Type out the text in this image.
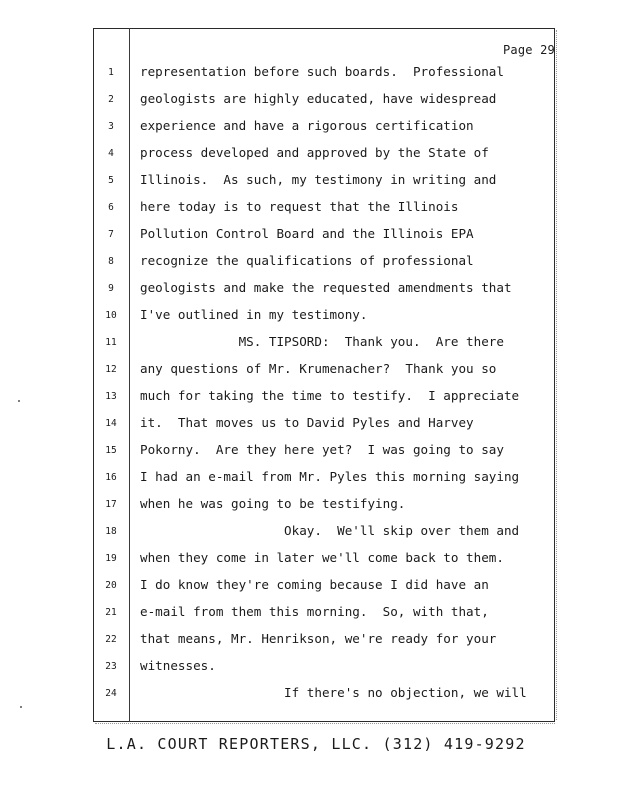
Page 29
1	representation before such boards.  Professional
2	geologists are highly educated, have widespread
3	experience and have a rigorous certification
4	process developed and approved by the State of
5	Illinois.  As such, my testimony in writing and
6	here today is to request that the Illinois
7	Pollution Control Board and the Illinois EPA
8	recognize the qualifications of professional
9	geologists and make the requested amendments that
10	I've outlined in my testimony.
11	MS. TIPSORD:  Thank you.  Are there
12	any questions of Mr. Krumenacher?  Thank you so
13	much for taking the time to testify.  I appreciate
14	it.  That moves us to David Pyles and Harvey
15	Pokorny.  Are they here yet?  I was going to say
16	I had an e-mail from Mr. Pyles this morning saying
17	when he was going to be testifying.
18	Okay.  We'll skip over them and
19	when they come in later we'll come back to them.
20	I do know they're coming because I did have an
21	e-mail from them this morning.  So, with that,
22	that means, Mr. Henrikson, we're ready for your
23	witnesses.
24	If there's no objection, we will
L.A. COURT REPORTERS, LLC. (312) 419-9292
